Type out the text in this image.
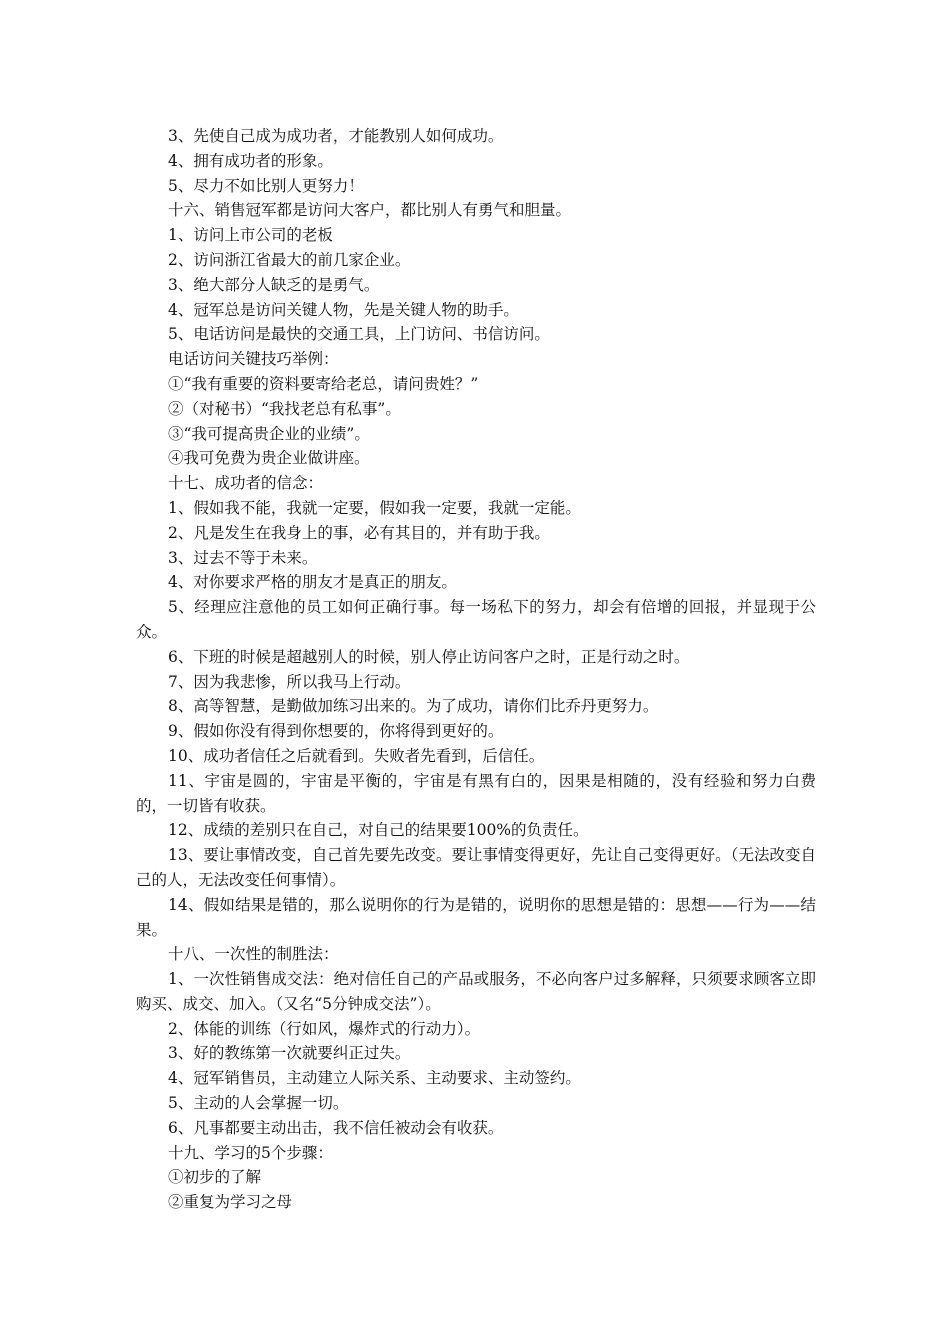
3、先使自己成为成功者，才能教别人如何成功。

4、拥有成功者的形象。

5、尽力不如比别人更努力！

十六、销售冠军都是访问大客户，都比别人有勇气和胆量。

1、访问上市公司的老板

2、访问浙江省最大的前几家企业。

3、绝大部分人缺乏的是勇气。

4、冠军总是访问关键人物，先是关键人物的助手。

5、电话访问是最快的交通工具，上门访问、书信访问。

电话访问关键技巧举例：

①“我有重要的资料要寄给老总，请问贵姓？”

②（对秘书）“我找老总有私事”。

③“我可提高贵企业的业绩”。

④我可免费为贵企业做讲座。

十七、成功者的信念：

1、假如我不能，我就一定要，假如我一定要，我就一定能。

2、凡是发生在我身上的事，必有其目的，并有助于我。

3、过去不等于未来。

4、对你要求严格的朋友才是真正的朋友。

5、经理应注意他的员工如何正确行事。每一场私下的努力，却会有倍增的回报，并显现于公众。

6、下班的时候是超越别人的时候，别人停止访问客户之时，正是行动之时。

7、因为我悲惨，所以我马上行动。

8、高等智慧，是勤做加练习出来的。为了成功，请你们比乔丹更努力。

9、假如你没有得到你想要的，你将得到更好的。

10、成功者信任之后就看到。失败者先看到，后信任。

11、宇宙是圆的，宇宙是平衡的，宇宙是有黑有白的，因果是相随的，没有经验和努力白费的，一切皆有收获。

12、成绩的差别只在自己，对自己的结果要100%的负责任。

13、要让事情改变，自己首先要先改变。要让事情变得更好，先让自己变得更好。（无法改变自己的人，无法改变任何事情）。

14、假如结果是错的，那么说明你的行为是错的，说明你的思想是错的：思想——行为——结果。

十八、一次性的制胜法：

1、一次性销售成交法：绝对信任自己的产品或服务，不必向客户过多解释，只须要求顾客立即购买、成交、加入。（又名“5分钟成交法”）。

2、体能的训练（行如风，爆炸式的行动力）。

3、好的教练第一次就要纠正过失。

4、冠军销售员，主动建立人际关系、主动要求、主动签约。

5、主动的人会掌握一切。

6、凡事都要主动出击，我不信任被动会有收获。

十九、学习的5个步骤：

①初步的了解

②重复为学习之母
